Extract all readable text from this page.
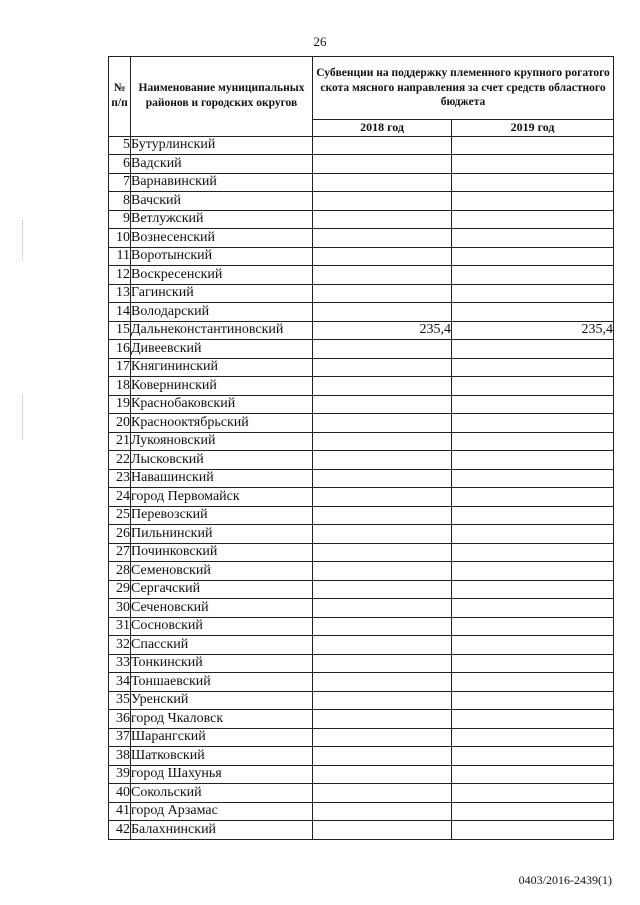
26
№ п/п	Наименование муниципальных районов и городских округов	Субвенции на поддержку племенного крупного рогатого скота мясного направления за счет средств областного бюджета	
		2018 год	2019 год
5	Бутурлинский		
6	Вадский		
7	Варнавинский		
8	Вачский		
9	Ветлужский		
10	Вознесенский		
11	Воротынский		
12	Воскресенский		
13	Гагинский		
14	Володарский		
15	Дальнеконстантиновский	235,4	235,4
16	Дивеевский		
17	Княгининский		
18	Ковернинский		
19	Краснобаковский		
20	Краснооктябрьский		
21	Лукояновский		
22	Лысковский		
23	Навашинский		
24	город Первомайск		
25	Перевозский		
26	Пильнинский		
27	Починковский		
28	Семеновский		
29	Сергачский		
30	Сеченовский		
31	Сосновский		
32	Спасский		
33	Тонкинский		
34	Тоншаевский		
35	Уренский		
36	город Чкаловск		
37	Шарангский		
38	Шатковский		
39	город Шахунья		
40	Сокольский		
41	город Арзамас		
42	Балахнинский		
0403/2016-2439(1)
